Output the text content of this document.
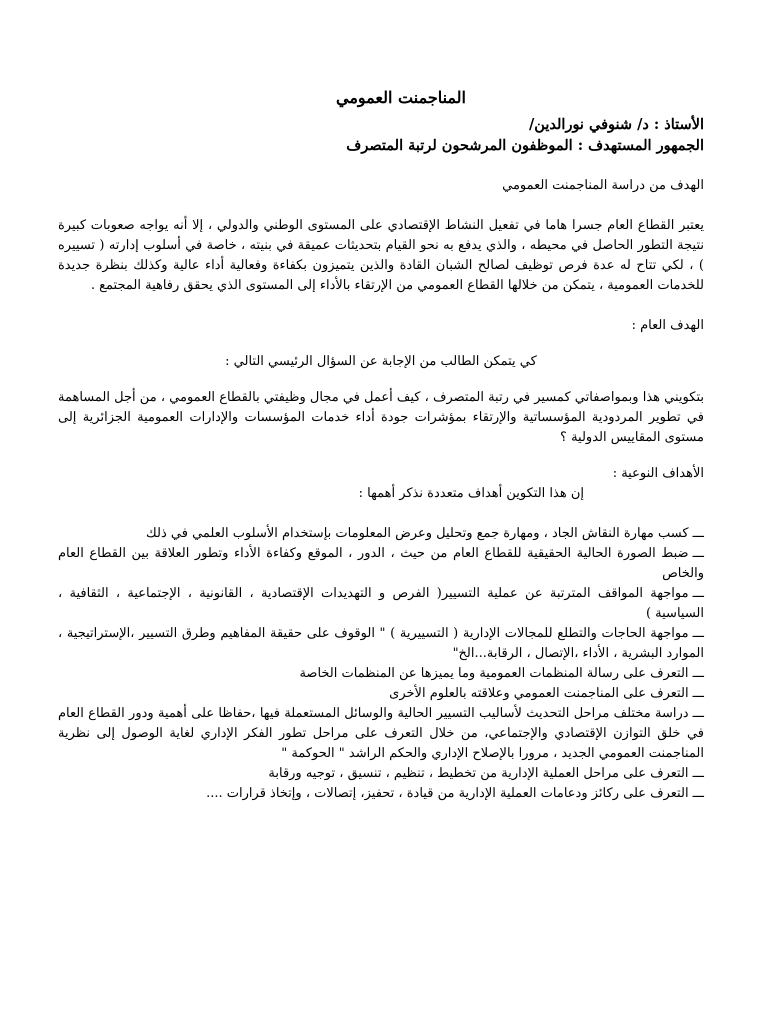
المناجمنت العمومي

الأستاذ : د/ شنوفي نورالدين/

الجمهور المستهدف : الموظفون المرشحون لرتبة المتصرف

الهدف من دراسة المناجمنت العمومي

يعتبر القطاع العام جسرا هاما في تفعيل النشاط الإقتصادي على المستوى الوطني والدولي ، إلا أنه يواجه صعوبات كبيرة نتيجة التطور الحاصل في محيطه ، والذي يدفع به نحو القيام بتحديثات عميقة في بنيته ، خاصة في أسلوب إدارته ( تسييره ) ، لكي تتاح له عدة فرص توظيف لصالح الشبان القادة والذين يتميزون بكفاءة وفعالية أداء عالية وكذلك بنظرة جديدة للخدمات العمومية ، يتمكن من خلالها القطاع العمومي من الإرتقاء بالأداء إلى المستوى الذي يحقق رفاهية المجتمع .

الهدف العام :

كي يتمكن الطالب من الإجابة عن السؤال الرئيسي التالي :

بتكويني هذا وبمواصفاتي كمسير في رتبة المتصرف ، كيف أعمل في مجال وظيفتي بالقطاع العمومي ، من أجل المساهمة في تطوير المردودية المؤسساتية والإرتقاء بمؤشرات جودة أداء خدمات المؤسسات والإدارات العمومية الجزائرية إلى مستوى المقاييس الدولية ؟

الأهداف النوعية :

إن هذا التكوين أهداف متعددة نذكر أهمها :

ـــكسب مهارة النقاش الجاد ، ومهارة جمع وتحليل وعرض المعلومات بإستخدام الأسلوب العلمي في ذلك
ـــضبط الصورة الحالية الحقيقية للقطاع العام من حيث ، الدور ، الموقع وكفاءة الأداء وتطور العلاقة بين القطاع العام والخاص
ـــمواجهة المواقف المترتبة عن عملية التسيير( الفرص و التهديدات الإقتصادية ، القانونية ، الإجتماعية ، الثقافية ، السياسية )
ـــمواجهة الحاجات والتطلع للمجالات الإدارية ( التسييرية ) " الوقوف على حقيقة المفاهيم وطرق التسيير ،الإستراتيجية ، الموارد البشرية ، الأداء ،الإتصال ، الرقابة...الخ"
ـــالتعرف على رسالة المنظمات العمومية وما يميزها عن المنظمات الخاصة
ـــالتعرف على المناجمنت العمومي وعلاقته بالعلوم الأخرى
ـــدراسة مختلف مراحل التحديث لأساليب التسيير الحالية والوسائل المستعملة فيها ،حفاظا على أهمية ودور القطاع العام في خلق التوازن الإقتصادي والإجتماعي، من خلال التعرف على مراحل تطور الفكر الإداري لغاية الوصول إلى نظرية المناجمنت العمومي الجديد ، مرورا بالإصلاح الإداري والحكم الراشد " الحوكمة "
ـــالتعرف على مراحل العملية الإدارية من تخطيط ، تنظيم ، تنسيق ، توجيه ورقابة
ـــالتعرف على ركائز ودعامات العملية الإدارية من قيادة ، تحفيز، إتصالات ، وإتخاذ قرارات ....
